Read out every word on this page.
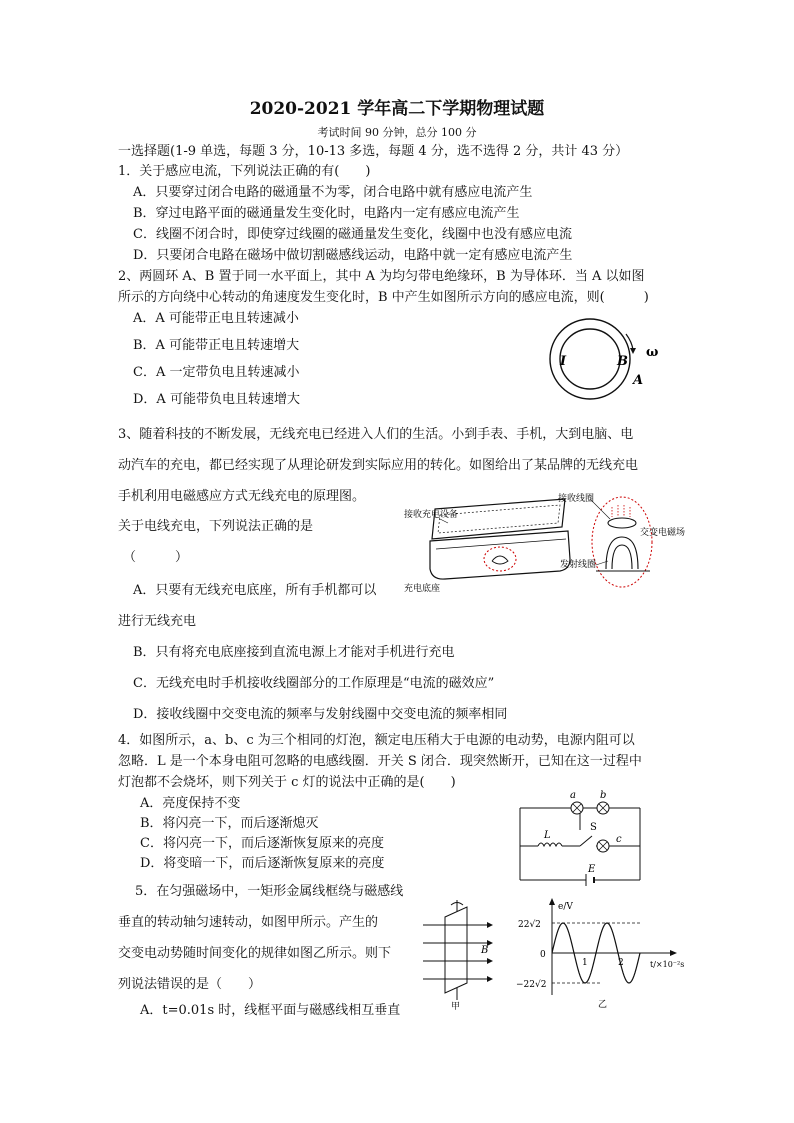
2020-2021 学年高二下学期物理试题
考试时间 90 分钟，总分 100 分
一选择题(1-9 单选，每题 3 分，10-13 多选，每题 4 分，选不选得 2 分，共计 43 分）
1．关于感应电流，下列说法正确的有(　　)
A．只要穿过闭合电路的磁通量不为零，闭合电路中就有感应电流产生
B．穿过电路平面的磁通量发生变化时，电路内一定有感应电流产生
C．线圈不闭合时，即使穿过线圈的磁通量发生变化，线圈中也没有感应电流
D．只要闭合电路在磁场中做切割磁感线运动，电路中就一定有感应电流产生
2、两圆环 A、B 置于同一水平面上，其中 A 为均匀带电绝缘环，B 为导体环．当 A 以如图
所示的方向绕中心转动的角速度发生变化时，B 中产生如图所示方向的感应电流，则(　　　)
A．A 可能带正电且转速减小
B．A 可能带正电且转速增大
C．A 一定带负电且转速减小
D．A 可能带负电且转速增大
I	B
ω
A
3、随着科技的不断发展，无线充电已经进入人们的生活。小到手表、手机，大到电脑、电
动汽车的充电，都已经实现了从理论研发到实际应用的转化。如图给出了某品牌的无线充电
手机利用电磁感应方式无线充电的原理图。
关于电线充电，下列说法正确的是
（　　　）
A．只要有无线充电底座，所有手机都可以
进行无线充电
B．只有将充电底座接到直流电源上才能对手机进行充电
C．无线充电时手机接收线圈部分的工作原理是“电流的磁效应”
D．接收线圈中交变电流的频率与发射线圈中交变电流的频率相同
接收充电设备
充电底座
接收线圈
交变电磁场
发射线圈
4．如图所示，a、b、c 为三个相同的灯泡，额定电压稍大于电源的电动势，电源内阻可以
忽略．L 是一个本身电阻可忽略的电感线圈．开关 S 闭合．现突然断开，已知在这一过程中
灯泡都不会烧坏，则下列关于 c 灯的说法中正确的是(　　)
A．亮度保持不变
B．将闪亮一下，而后逐渐熄灭
C．将闪亮一下，而后逐渐恢复原来的亮度
D．将变暗一下，而后逐渐恢复原来的亮度
a b
c
L
S
E
5．在匀强磁场中，一矩形金属线框绕与磁感线
垂直的转动轴匀速转动，如图甲所示。产生的
交变电动势随时间变化的规律如图乙所示。则下
列说法错误的是（　　）
A．t=0.01s 时，线框平面与磁感线相互垂直
B
甲
e/V
22√2
0
−22√2
1	2	t/×10⁻²s
乙
